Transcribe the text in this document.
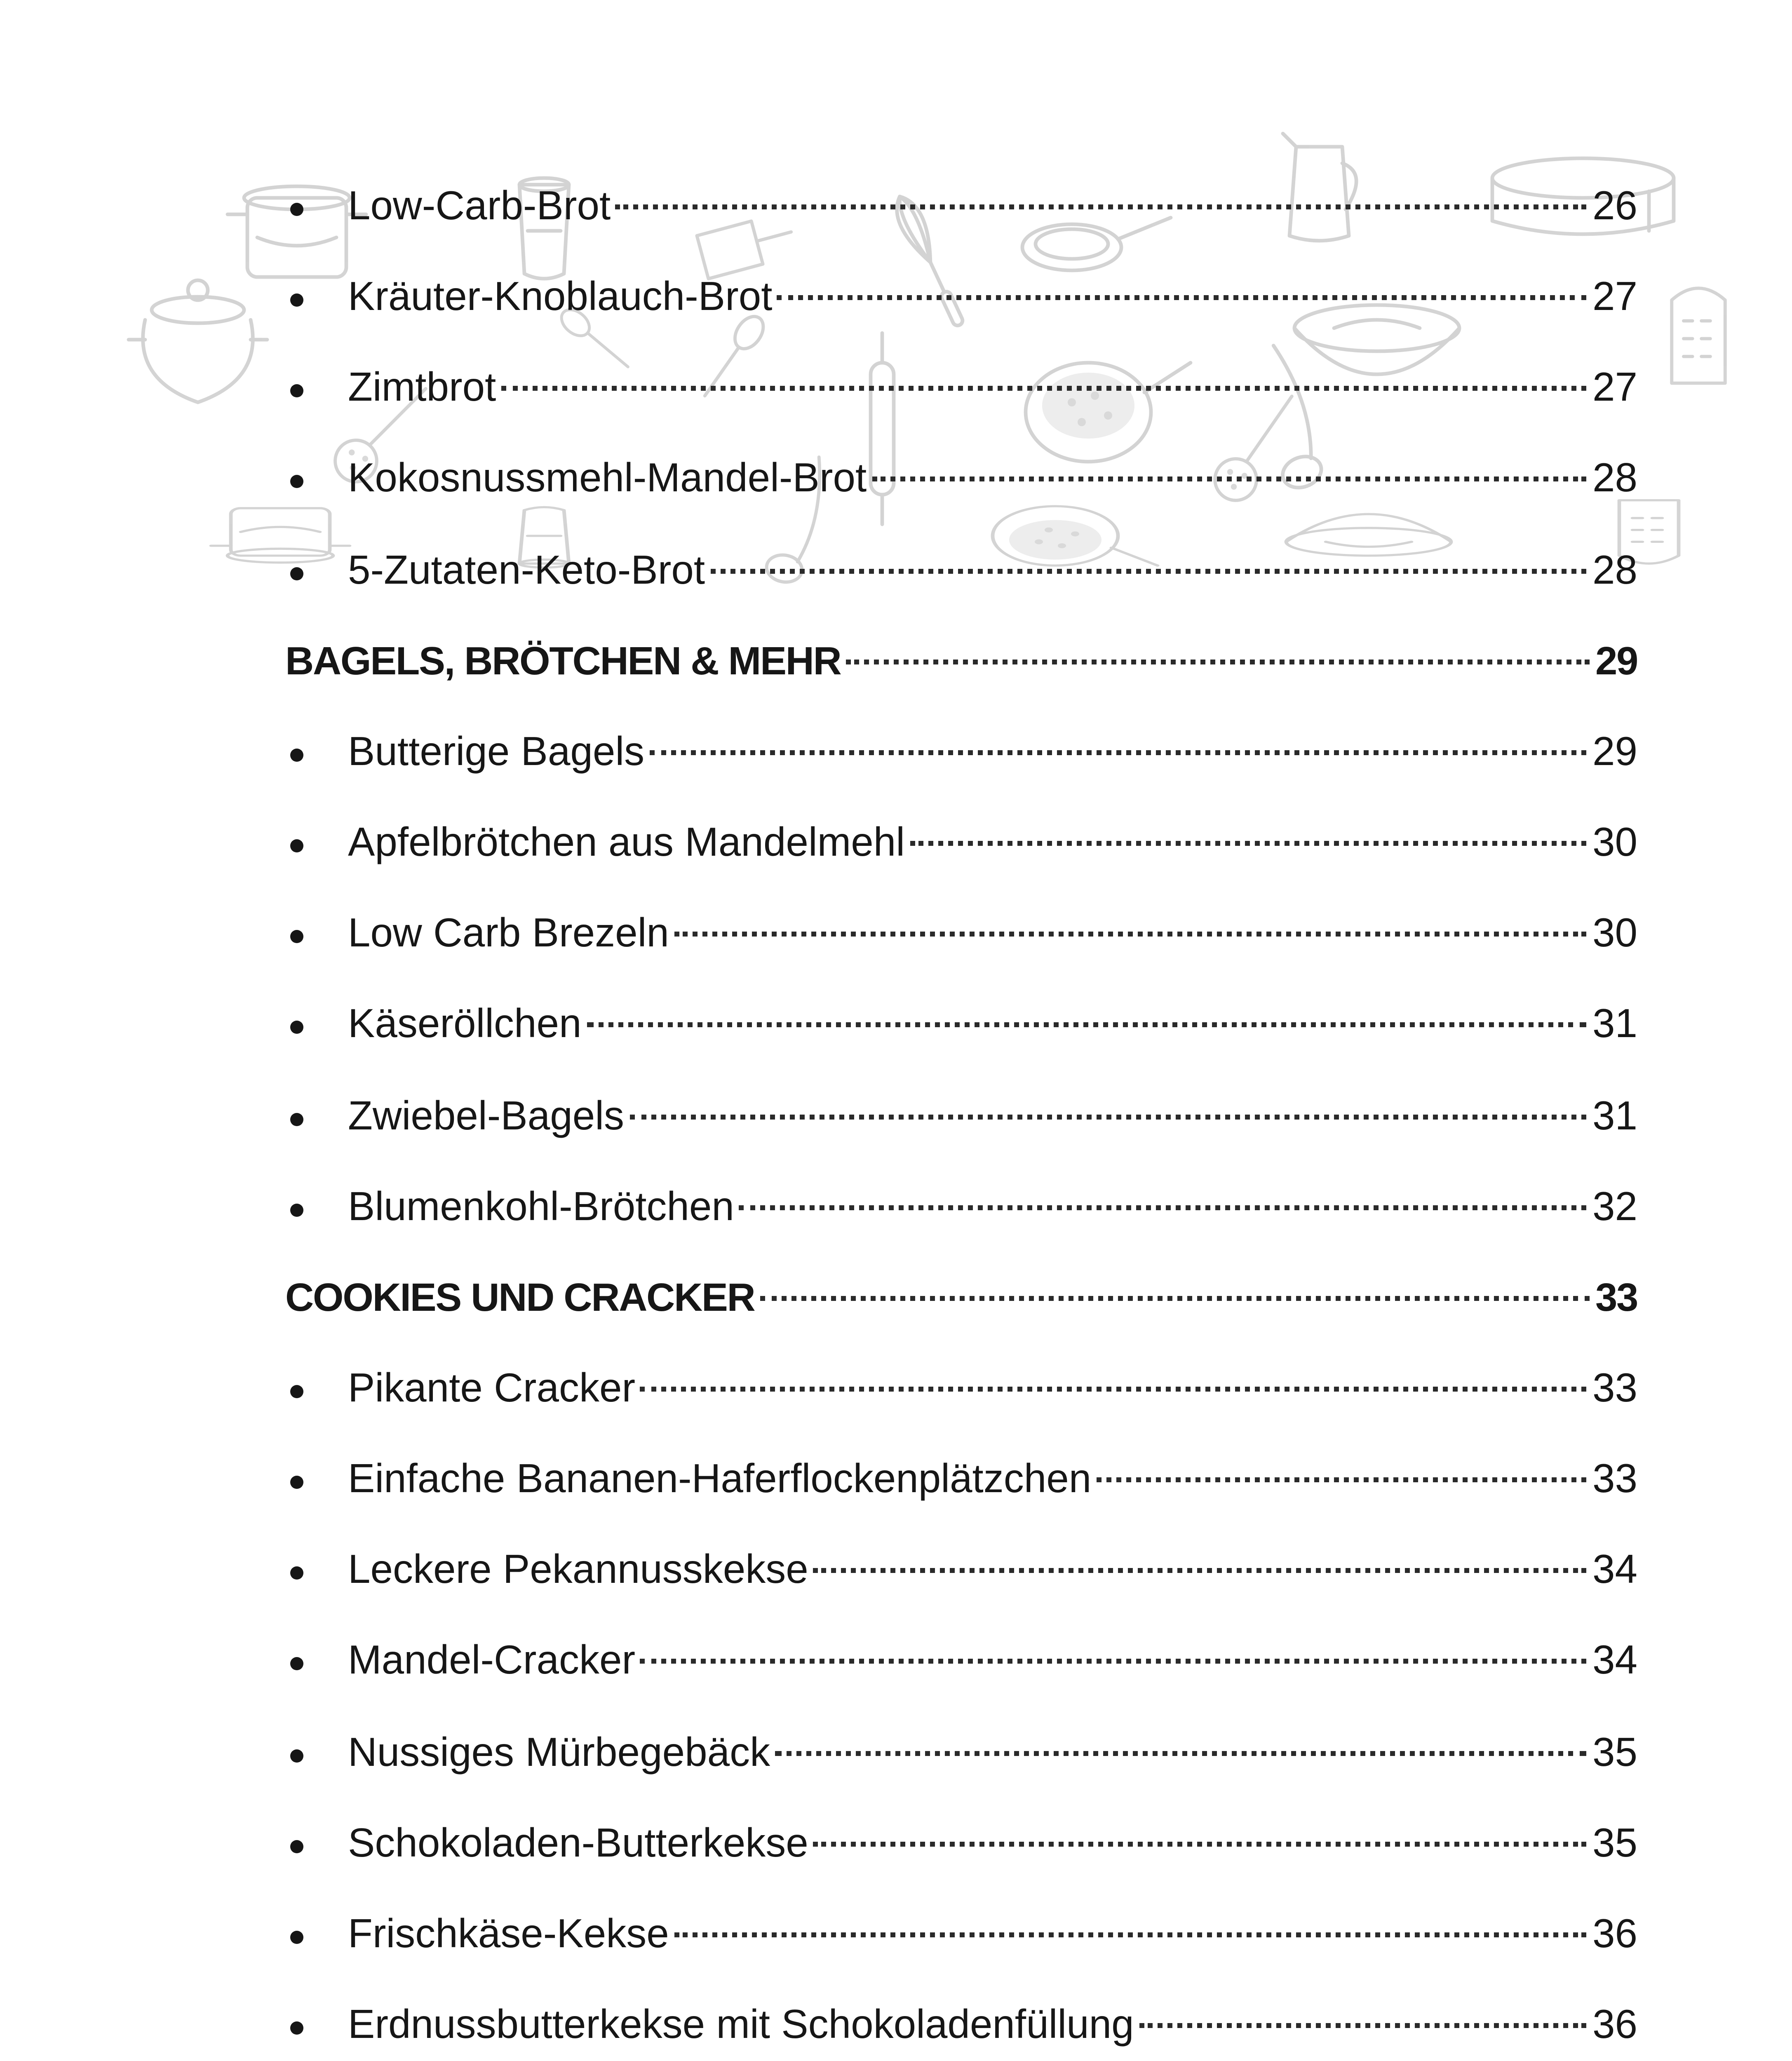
Low-Carb-Brot	26
Kräuter-Knoblauch-Brot	27
Zimtbrot	27
Kokosnussmehl-Mandel-Brot	28
5-Zutaten-Keto-Brot	28
BAGELS, BRÖTCHEN & MEHR	29
Butterige Bagels	29
Apfelbrötchen aus Mandelmehl	30
Low Carb Brezeln	30
Käseröllchen	31
Zwiebel-Bagels	31
Blumenkohl-Brötchen	32
COOKIES UND CRACKER	33
Pikante Cracker	33
Einfache Bananen-Haferflockenplätzchen	33
Leckere Pekannusskekse	34
Mandel-Cracker	34
Nussiges Mürbegebäck	35
Schokoladen-Butterkekse	35
Frischkäse-Kekse	36
Erdnussbutterkekse mit Schokoladenfüllung	36
